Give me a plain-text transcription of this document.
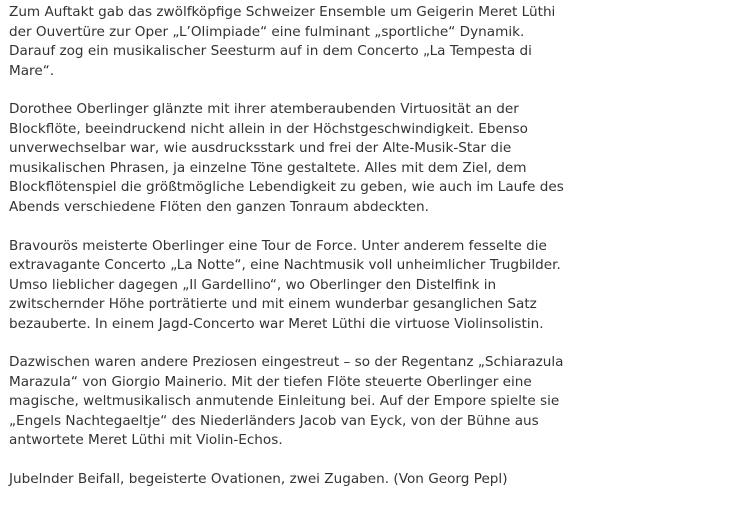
Zum Auftakt gab das zwölfköpfige Schweizer Ensemble um Geigerin Meret Lüthi der Ouvertüre zur Oper „L’Olimpiade“ eine fulminant „sportliche“ Dynamik. Darauf zog ein musikalischer Seesturm auf in dem Concerto „La Tempesta di Mare“.

Dorothee Oberlinger glänzte mit ihrer atemberaubenden Virtuosität an der Blockflöte, beeindruckend nicht allein in der Höchstgeschwindigkeit. Ebenso unverwechselbar war, wie ausdrucksstark und frei der Alte-Musik-Star die musikalischen Phrasen, ja einzelne Töne gestaltete. Alles mit dem Ziel, dem Blockflötenspiel die größtmögliche Lebendigkeit zu geben, wie auch im Laufe des Abends verschiedene Flöten den ganzen Tonraum abdeckten.

Bravourös meisterte Oberlinger eine Tour de Force. Unter anderem fesselte die extravagante Concerto „La Notte“, eine Nachtmusik voll unheimlicher Trugbilder. Umso lieblicher dagegen „Il Gardellino“, wo Oberlinger den Distelfink in zwitschernder Höhe porträtierte und mit einem wunderbar gesanglichen Satz bezauberte. In einem Jagd-Concerto war Meret Lüthi die virtuose Violinsolistin.

Dazwischen waren andere Preziosen eingestreut – so der Regentanz „Schiarazula Marazula“ von Giorgio Mainerio. Mit der tiefen Flöte steuerte Oberlinger eine magische, weltmusikalisch anmutende Einleitung bei. Auf der Empore spielte sie „Engels Nachtegaeltje“ des Niederländers Jacob van Eyck, von der Bühne aus antwortete Meret Lüthi mit Violin-Echos.

Jubelnder Beifall, begeisterte Ovationen, zwei Zugaben. (Von Georg Pepl)
